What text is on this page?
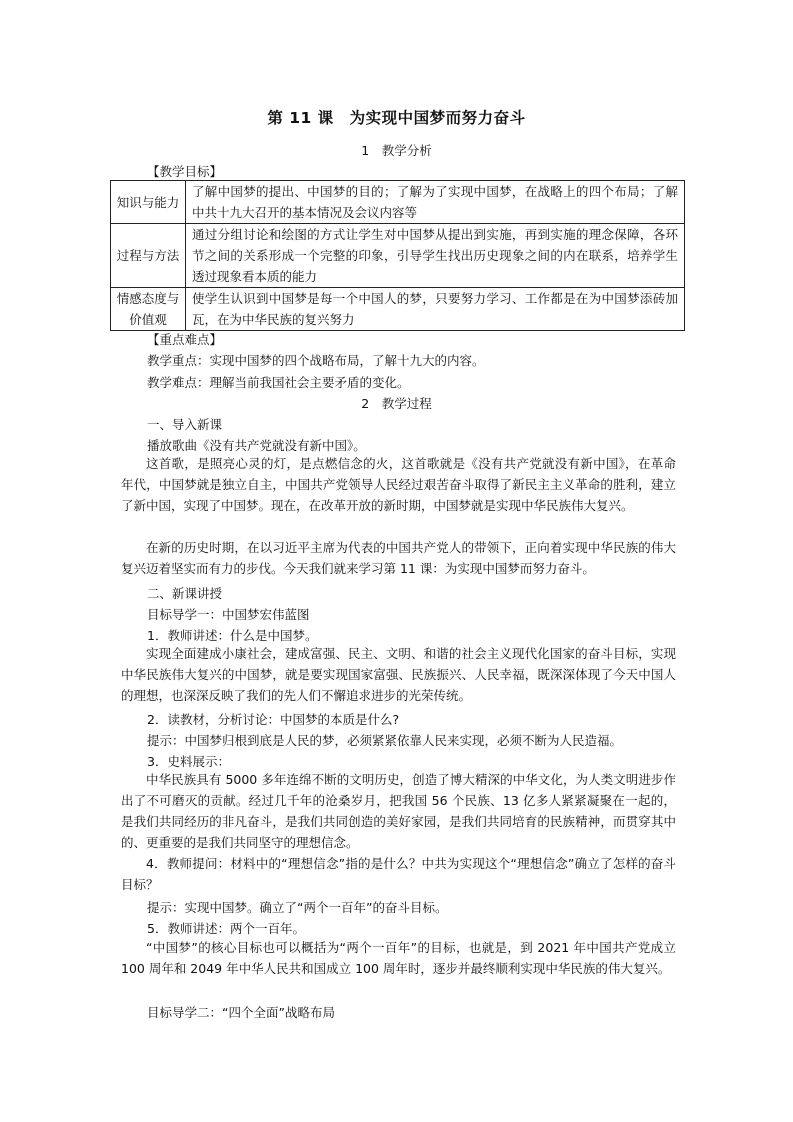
第 11 课　为实现中国梦而努力奋斗
1　教学分析
【教学目标】
知识与能力	了解中国梦的提出、中国梦的目的；了解为了实现中国梦，在战略上的四个布局；了解中共十九大召开的基本情况及会议内容等
过程与方法	通过分组讨论和绘图的方式让学生对中国梦从提出到实施，再到实施的理念保障，各环节之间的关系形成一个完整的印象，引导学生找出历史现象之间的内在联系，培养学生透过现象看本质的能力
情感态度与价值观	使学生认识到中国梦是每一个中国人的梦，只要努力学习、工作都是在为中国梦添砖加瓦，在为中华民族的复兴努力
【重点难点】
教学重点：实现中国梦的四个战略布局，了解十九大的内容。
教学难点：理解当前我国社会主要矛盾的变化。
2　教学过程
一、导入新课
播放歌曲《没有共产党就没有新中国》。
这首歌，是照亮心灵的灯，是点燃信念的火，这首歌就是《没有共产党就没有新中国》，在革命年代，中国梦就是独立自主，中国共产党领导人民经过艰苦奋斗取得了新民主主义革命的胜利，建立了新中国，实现了中国梦。现在，在改革开放的新时期，中国梦就是实现中华民族伟大复兴。
在新的历史时期，在以习近平主席为代表的中国共产党人的带领下，正向着实现中华民族的伟大复兴迈着坚实而有力的步伐。今天我们就来学习第 11 课：为实现中国梦而努力奋斗。
二、新课讲授
目标导学一：中国梦宏伟蓝图
1．教师讲述：什么是中国梦。
实现全面建成小康社会，建成富强、民主、文明、和谐的社会主义现代化国家的奋斗目标，实现中华民族伟大复兴的中国梦，就是要实现国家富强、民族振兴、人民幸福，既深深体现了今天中国人的理想，也深深反映了我们的先人们不懈追求进步的光荣传统。
2．读教材，分析讨论：中国梦的本质是什么?
提示：中国梦归根到底是人民的梦，必须紧紧依靠人民来实现，必须不断为人民造福。
3．史料展示：
中华民族具有 5000 多年连绵不断的文明历史，创造了博大精深的中华文化，为人类文明进步作出了不可磨灭的贡献。经过几千年的沧桑岁月，把我国 56 个民族、13 亿多人紧紧凝聚在一起的，是我们共同经历的非凡奋斗，是我们共同创造的美好家园，是我们共同培育的民族精神，而贯穿其中的、更重要的是我们共同坚守的理想信念。
4．教师提问：材料中的“理想信念”指的是什么？中共为实现这个“理想信念”确立了怎样的奋斗目标？
提示：实现中国梦。确立了“两个一百年”的奋斗目标。
5．教师讲述：两个一百年。
“中国梦”的核心目标也可以概括为“两个一百年”的目标，也就是，到 2021 年中国共产党成立 100 周年和 2049 年中华人民共和国成立 100 周年时，逐步并最终顺利实现中华民族的伟大复兴。
目标导学二：“四个全面”战略布局
